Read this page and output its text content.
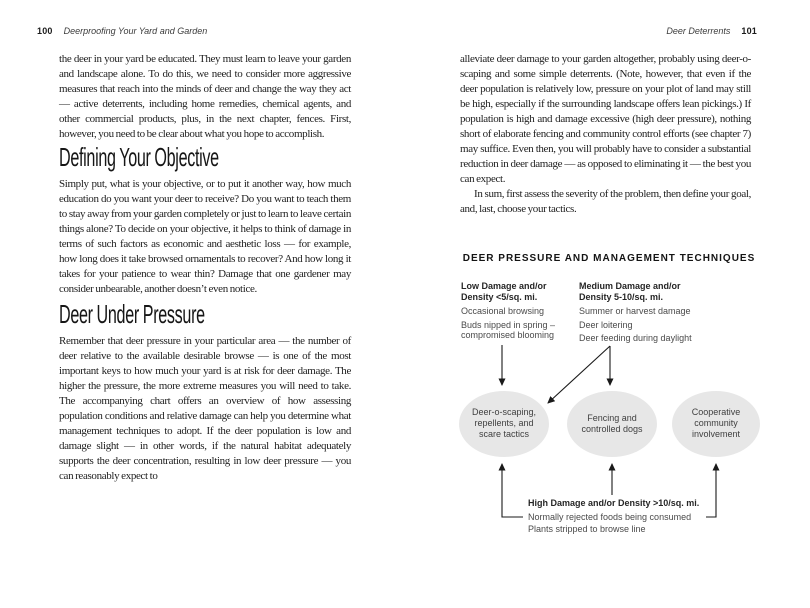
100 Deerproofing Your Yard and Garden	Deer Deterrents 101

the deer in your yard be educated. They must learn to leave your garden and landscape alone. To do this, we need to consider more aggressive measures that reach into the minds of deer and change the way they act — active deterrents, including home remedies, chemical agents, and other commercial products, plus, in the next chapter, fences. First, however, you need to be clear about what you hope to accomplish.

Defining Your Objective

Simply put, what is your objective, or to put it another way, how much education do you want your deer to receive? Do you want to teach them to stay away from your garden completely or just to learn to leave certain things alone? To decide on your objective, it helps to think of damage in terms of such factors as economic and aesthetic loss — for example, how long does it take browsed ornamentals to recover? And how long it takes for your patience to wear thin? Damage that one gardener may consider unbearable, another doesn’t even notice.

Deer Under Pressure

Remember that deer pressure in your particular area — the number of deer relative to the available desirable browse — is one of the most important keys to how much your yard is at risk for deer damage. The higher the pressure, the more extreme measures you will need to take. The accompanying chart offers an overview of how assessing population conditions and relative damage can help you determine what management techniques to adopt. If the deer population is low and damage slight — in other words, if the natural habitat adequately supports the deer concentration, resulting in low deer pressure — you can reasonably expect to

alleviate deer damage to your garden altogether, probably using deer-o-scaping and some simple deterrents. (Note, however, that even if the deer population is relatively low, pressure on your plot of land may still be high, especially if the surrounding landscape offers lean pickings.) If population is high and damage excessive (high deer pressure), nothing short of elaborate fencing and community control efforts (see chapter 7) may suffice. Even then, you will probably have to consider a substantial reduction in deer damage — as opposed to eliminating it — the best you can expect.

In sum, first assess the severity of the problem, then define your goal, and, last, choose your tactics.

DEER PRESSURE AND MANAGEMENT TECHNIQUES
Low Damage and/or Density <5/sq. mi.
Occasional browsing
Buds nipped in spring – compromised blooming
Medium Damage and/or Density 5-10/sq. mi.
Summer or harvest damage
Deer loitering
Deer feeding during daylight
Deer-o-scaping, repellents, and scare tactics
Fencing and controlled dogs
Cooperative community involvement
High Damage and/or Density >10/sq. mi.
Normally rejected foods being consumed
Plants stripped to browse line
